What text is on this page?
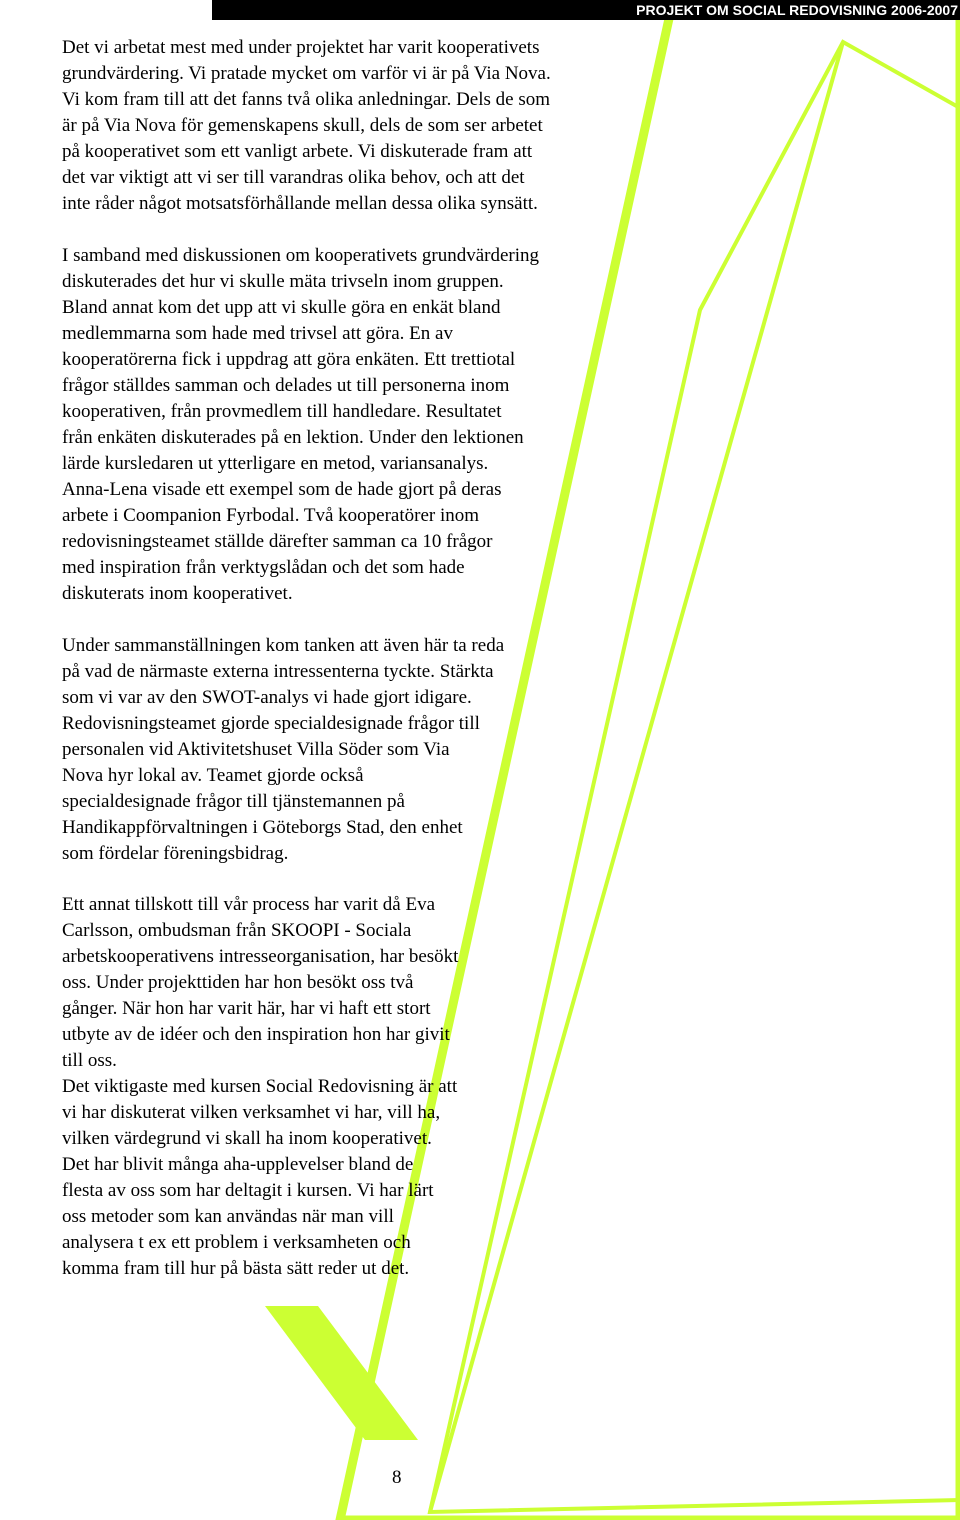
PROJEKT OM SOCIAL REDOVISNING 2006-2007

Det vi arbetat mest med under projektet har varit kooperativets
grundvärdering. Vi pratade mycket om varför vi är på Via Nova.
Vi kom fram till att det fanns två olika anledningar. Dels de som
är på Via Nova för gemenskapens skull, dels de som ser arbetet
på kooperativet som ett vanligt arbete. Vi diskuterade fram att
det var viktigt att vi ser till varandras olika behov, och att det
inte råder något motsatsförhållande mellan dessa olika synsätt.

I samband med diskussionen om kooperativets grundvärdering
diskuterades det hur vi skulle mäta trivseln inom gruppen.
Bland annat kom det upp att vi skulle göra en enkät bland
medlemmarna som hade med trivsel att göra. En av
kooperatörerna fick i uppdrag att göra enkäten. Ett trettiotal
frågor ställdes samman och delades ut till personerna inom
kooperativen, från provmedlem till handledare. Resultatet
från enkäten diskuterades på en lektion. Under den lektionen
lärde kursledaren ut ytterligare en metod, variansanalys.
Anna-Lena visade ett exempel som de hade gjort på deras
arbete i Coompanion Fyrbodal. Två kooperatörer inom
redovisningsteamet ställde därefter samman ca 10 frågor
med inspiration från verktygslådan och det som hade
diskuterats inom kooperativet.

Under sammanställningen kom tanken att även här ta reda
på vad de närmaste externa intressenterna tyckte. Stärkta
som vi var av den SWOT-analys vi hade gjort idigare.
Redovisningsteamet gjorde specialdesignade frågor till
personalen vid Aktivitetshuset Villa Söder som Via
Nova hyr lokal av. Teamet gjorde också
specialdesignade frågor till tjänstemannen på
Handikappförvaltningen i Göteborgs Stad, den enhet
som fördelar föreningsbidrag.

Ett annat tillskott till vår process har varit då Eva
Carlsson, ombudsman från SKOOPI - Sociala
arbetskooperativens intresseorganisation, har besökt
oss. Under projekttiden har hon besökt oss två
gånger. När hon har varit här, har vi haft ett stort
utbyte av de idéer och den inspiration hon har givit
till oss.

Det viktigaste med kursen Social Redovisning är att
vi har diskuterat vilken verksamhet vi har, vill ha,
vilken värdegrund vi skall ha inom kooperativet.
Det har blivit många aha-upplevelser bland de
flesta av oss som har deltagit i kursen. Vi har lärt
oss metoder som kan användas när man vill
analysera t ex ett problem i verksamheten och
komma fram till hur på bästa sätt reder ut det.

8
